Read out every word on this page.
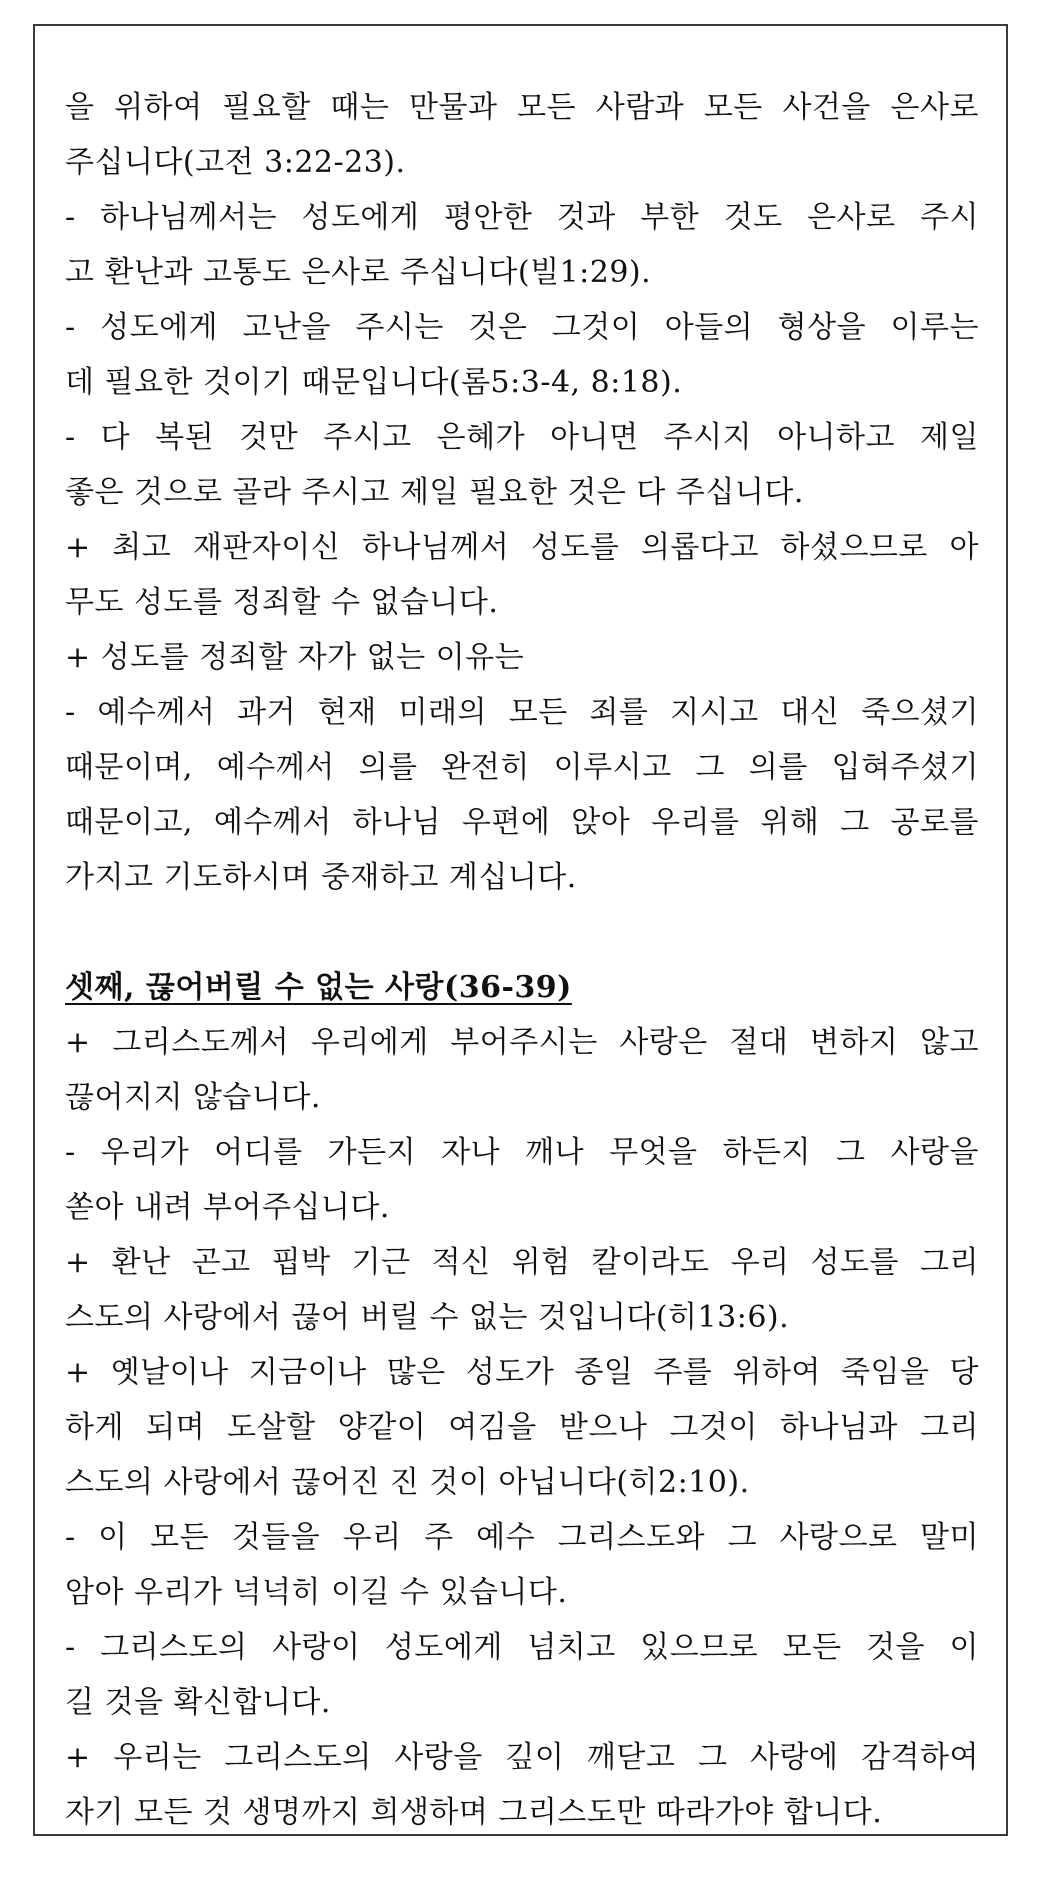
을 위하여 필요할 때는 만물과 모든 사람과 모든 사건을 은사로
주십니다(고전 3:22-23).
- 하나님께서는 성도에게 평안한 것과 부한 것도 은사로 주시
고 환난과 고통도 은사로 주십니다(빌1:29).
- 성도에게 고난을 주시는 것은 그것이 아들의 형상을 이루는
데 필요한 것이기 때문입니다(롬5:3-4, 8:18).
- 다 복된 것만 주시고 은혜가 아니면 주시지 아니하고 제일
좋은 것으로 골라 주시고 제일 필요한 것은 다 주십니다.
+ 최고 재판자이신 하나님께서 성도를 의롭다고 하셨으므로 아
무도 성도를 정죄할 수 없습니다.
+ 성도를 정죄할 자가 없는 이유는
- 예수께서 과거 현재 미래의 모든 죄를 지시고 대신 죽으셨기
때문이며, 예수께서 의를 완전히 이루시고 그 의를 입혀주셨기
때문이고, 예수께서 하나님 우편에 앉아 우리를 위해 그 공로를
가지고 기도하시며 중재하고 계십니다.
셋째, 끊어버릴 수 없는 사랑(36-39)
+ 그리스도께서 우리에게 부어주시는 사랑은 절대 변하지 않고
끊어지지 않습니다.
- 우리가 어디를 가든지 자나 깨나 무엇을 하든지 그 사랑을
쏟아 내려 부어주십니다.
+ 환난 곤고 핍박 기근 적신 위험 칼이라도 우리 성도를 그리
스도의 사랑에서 끊어 버릴 수 없는 것입니다(히13:6).
+ 옛날이나 지금이나 많은 성도가 종일 주를 위하여 죽임을 당
하게 되며 도살할 양같이 여김을 받으나 그것이 하나님과 그리
스도의 사랑에서 끊어진 진 것이 아닙니다(히2:10).
- 이 모든 것들을 우리 주 예수 그리스도와 그 사랑으로 말미
암아 우리가 넉넉히 이길 수 있습니다.
- 그리스도의 사랑이 성도에게 넘치고 있으므로 모든 것을 이
길 것을 확신합니다.
+ 우리는 그리스도의 사랑을 깊이 깨닫고 그 사랑에 감격하여
자기 모든 것 생명까지 희생하며 그리스도만 따라가야 합니다.
